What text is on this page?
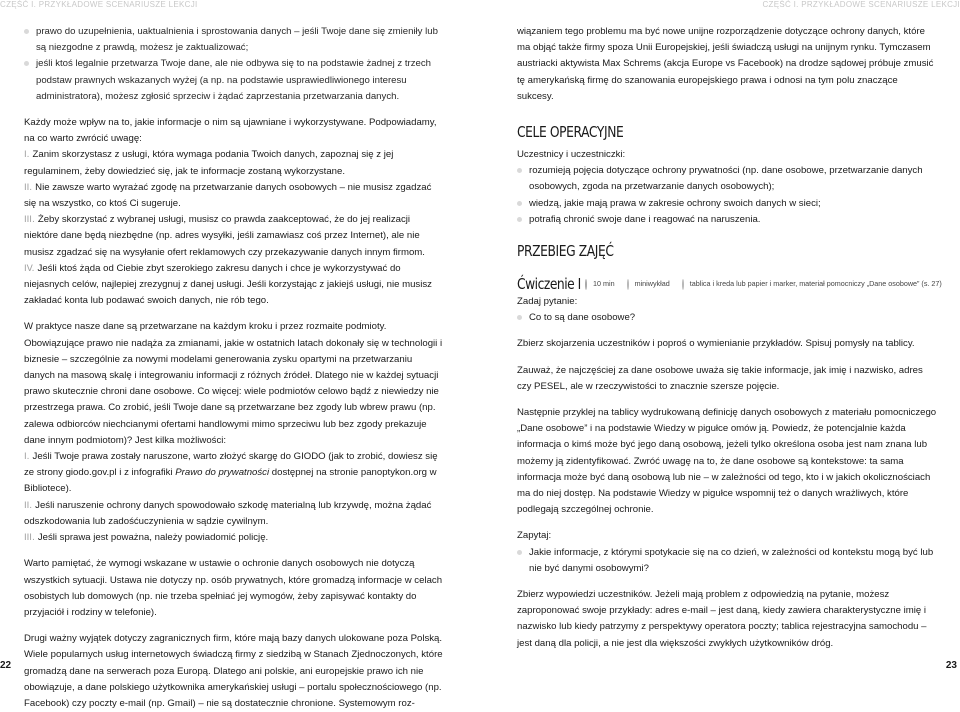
CZĘŚĆ I. PRZYKŁADOWE SCENARIUSZE LEKCJI	CZĘŚĆ I. PRZYKŁADOWE SCENARIUSZE LEKCJI

prawo do uzupełnienia, uaktualnienia i sprostowania danych – jeśli Twoje dane się zmieniły lub są niezgodne z prawdą, możesz je zaktualizować;

jeśli ktoś legalnie przetwarza Twoje dane, ale nie odbywa się to na podstawie żadnej z trzech podstaw prawnych wskazanych wyżej (a np. na podstawie usprawiedliwionego interesu administratora), możesz zgłosić sprzeciw i żądać zaprzestania przetwarzania danych.

Każdy może wpływ na to, jakie informacje o nim są ujawniane i wykorzystywane. Podpowiadamy, na co warto zwrócić uwagę:

I. Zanim skorzystasz z usługi, która wymaga podania Twoich danych, zapoznaj się z jej regulaminem, żeby dowiedzieć się, jak te informacje zostaną wykorzystane.

II. Nie zawsze warto wyrażać zgodę na przetwarzanie danych osobowych – nie musisz zgadzać się na wszystko, co ktoś Ci sugeruje.

III. Żeby skorzystać z wybranej usługi, musisz co prawda zaakceptować, że do jej realizacji niektóre dane będą niezbędne (np. adres wysyłki, jeśli zamawiasz coś przez Internet), ale nie musisz zgadzać się na wysyłanie ofert reklamowych czy przekazywanie danych innym firmom.

IV. Jeśli ktoś żąda od Ciebie zbyt szerokiego zakresu danych i chce je wykorzystywać do niejasnych celów, najlepiej zrezygnuj z danej usługi. Jeśli korzystając z jakiejś usługi, nie musisz zakładać konta lub podawać swoich danych, nie rób tego.

W praktyce nasze dane są przetwarzane na każdym kroku i przez rozmaite podmioty. Obowiązujące prawo nie nadąża za zmianami, jakie w ostatnich latach dokonały się w technologii i biznesie – szczególnie za nowymi modelami generowania zysku opartymi na przetwarzaniu danych na masową skalę i integrowaniu informacji z różnych źródeł. Dlatego nie w każdej sytuacji prawo skutecznie chroni dane osobowe. Co więcej: wiele podmiotów celowo bądź z niewiedzy nie przestrzega prawa. Co zrobić, jeśli Twoje dane są przetwarzane bez zgody lub wbrew prawu (np. zalewa odbiorców niechcianymi ofertami handlowymi mimo sprzeciwu lub bez zgody prekazuje dane innym podmiotom)? Jest kilka możliwości:

I. Jeśli Twoje prawa zostały naruszone, warto złożyć skargę do GIODO (jak to zrobić, dowiesz się ze strony giodo.gov.pl i z infografiki Prawo do prywatności dostępnej na stronie panoptykon.org w Bibliotece).

II. Jeśli naruszenie ochrony danych spowodowało szkodę materialną lub krzywdę, można żądać odszkodowania lub zadośćuczynienia w sądzie cywilnym.

III. Jeśli sprawa jest poważna, należy powiadomić policję.

Warto pamiętać, że wymogi wskazane w ustawie o ochronie danych osobowych nie dotyczą wszystkich sytuacji. Ustawa nie dotyczy np. osób prywatnych, które gromadzą informacje w celach osobistych lub domowych (np. nie trzeba spełniać jej wymogów, żeby zapisywać kontakty do przyjaciół i rodziny w telefonie).

Drugi ważny wyjątek dotyczy zagranicznych firm, które mają bazy danych ulokowane poza Polską. Wiele popularnych usług internetowych świadczą firmy z siedzibą w Stanach Zjednoczonych, które gromadzą dane na serwerach poza Europą. Dlatego ani polskie, ani europejskie prawo ich nie obowiązuje, a dane polskiego użytkownika amerykańskiej usługi – portalu społecznościowego (np. Facebook) czy poczty e-mail (np. Gmail) – nie są dostatecznie chronione. Systemowym roz-

wiązaniem tego problemu ma być nowe unijne rozporządzenie dotyczące ochrony danych, które ma objąć także firmy spoza Unii Europejskiej, jeśli świadczą usługi na unijnym rynku. Tymczasem austriacki aktywista Max Schrems (akcja Europe vs Facebook) na drodze sądowej próbuje zmusić tę amerykańską firmę do szanowania europejskiego prawa i odnosi na tym polu znaczące sukcesy.

CELE OPERACYJNE

Uczestnicy i uczestniczki:

rozumieją pojęcia dotyczące ochrony prywatności (np. dane osobowe, przetwarzanie danych osobowych, zgoda na przetwarzanie danych osobowych);

wiedzą, jakie mają prawa w zakresie ochrony swoich danych w sieci;

potrafią chronić swoje dane i reagować na naruszenia.

PRZEBIEG ZAJĘĆ
Ćwiczenie I 10 min	miniwykład	tablica i kreda lub papier i marker, materiał pomocniczy „Dane osobowe” (s. 27)

Zadaj pytanie:

Co to są dane osobowe?

Zbierz skojarzenia uczestników i poproś o wymienianie przykładów. Spisuj pomysły na tablicy.

Zauważ, że najczęściej za dane osobowe uważa się takie informacje, jak imię i nazwisko, adres czy PESEL, ale w rzeczywistości to znacznie szersze pojęcie.

Następnie przyklej na tablicy wydrukowaną definicję danych osobowych z materiału pomocniczego „Dane osobowe” i na podstawie Wiedzy w pigułce omów ją. Powiedz, że potencjalnie każda informacja o kimś może być jego daną osobową, jeżeli tylko określona osoba jest nam znana lub możemy ją zidentyfikować. Zwróć uwagę na to, że dane osobowe są kontekstowe: ta sama informacja może być daną osobową lub nie – w zależności od tego, kto i w jakich okolicznościach ma do niej dostęp. Na podstawie Wiedzy w pigułce wspomnij też o danych wrażliwych, które podlegają szczególnej ochronie.

Zapytaj:

Jakie informacje, z którymi spotykacie się na co dzień, w zależności od kontekstu mogą być lub nie być danymi osobowymi?

Zbierz wypowiedzi uczestników. Jeżeli mają problem z odpowiedzią na pytanie, możesz zaproponować swoje przykłady: adres e-mail – jest daną, kiedy zawiera charakterystyczne imię i nazwisko lub kiedy patrzymy z perspektywy operatora poczty; tablica rejestracyjna samochodu – jest daną dla policji, a nie jest dla większości zwykłych użytkowników dróg.

22	23
